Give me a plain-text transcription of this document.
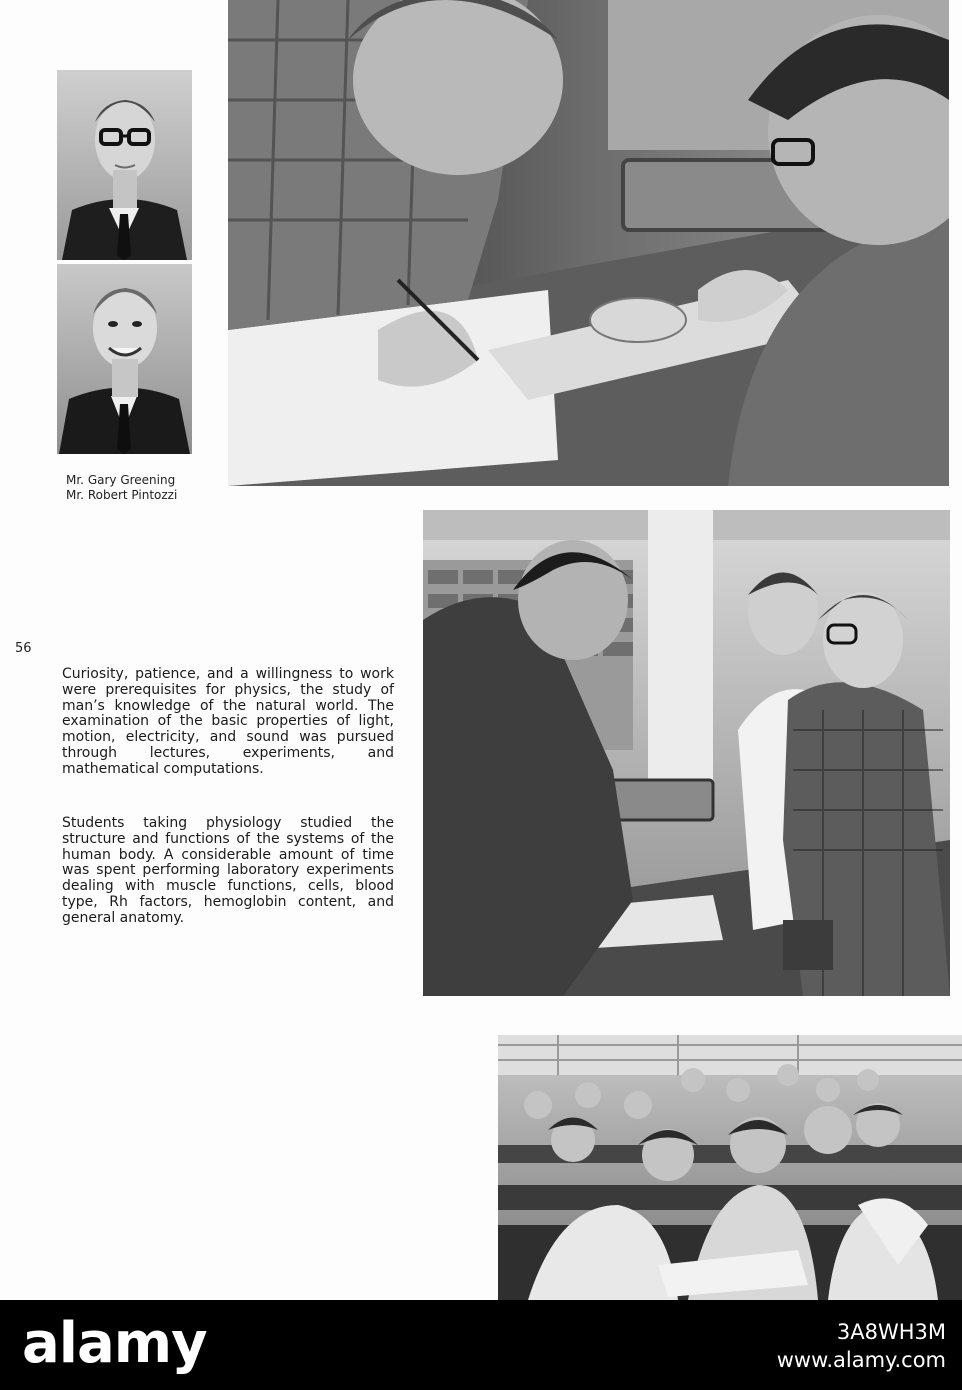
Mr. Gary Greening
Mr. Robert Pintozzi
56

Curiosity, patience, and a willingness to work were prerequisites for physics, the study of man’s knowledge of the natural world. The examination of the basic properties of light, motion, electricity, and sound was pursued through lectures, experiments, and mathematical computations.

Students taking physiology studied the structure and functions of the systems of the human body. A considerable amount of time was spent performing laboratory experiments dealing with muscle functions, cells, blood type, Rh factors, hemoglobin content, and general anatomy.

alamy	3A8WH3M
www.alamy.com
